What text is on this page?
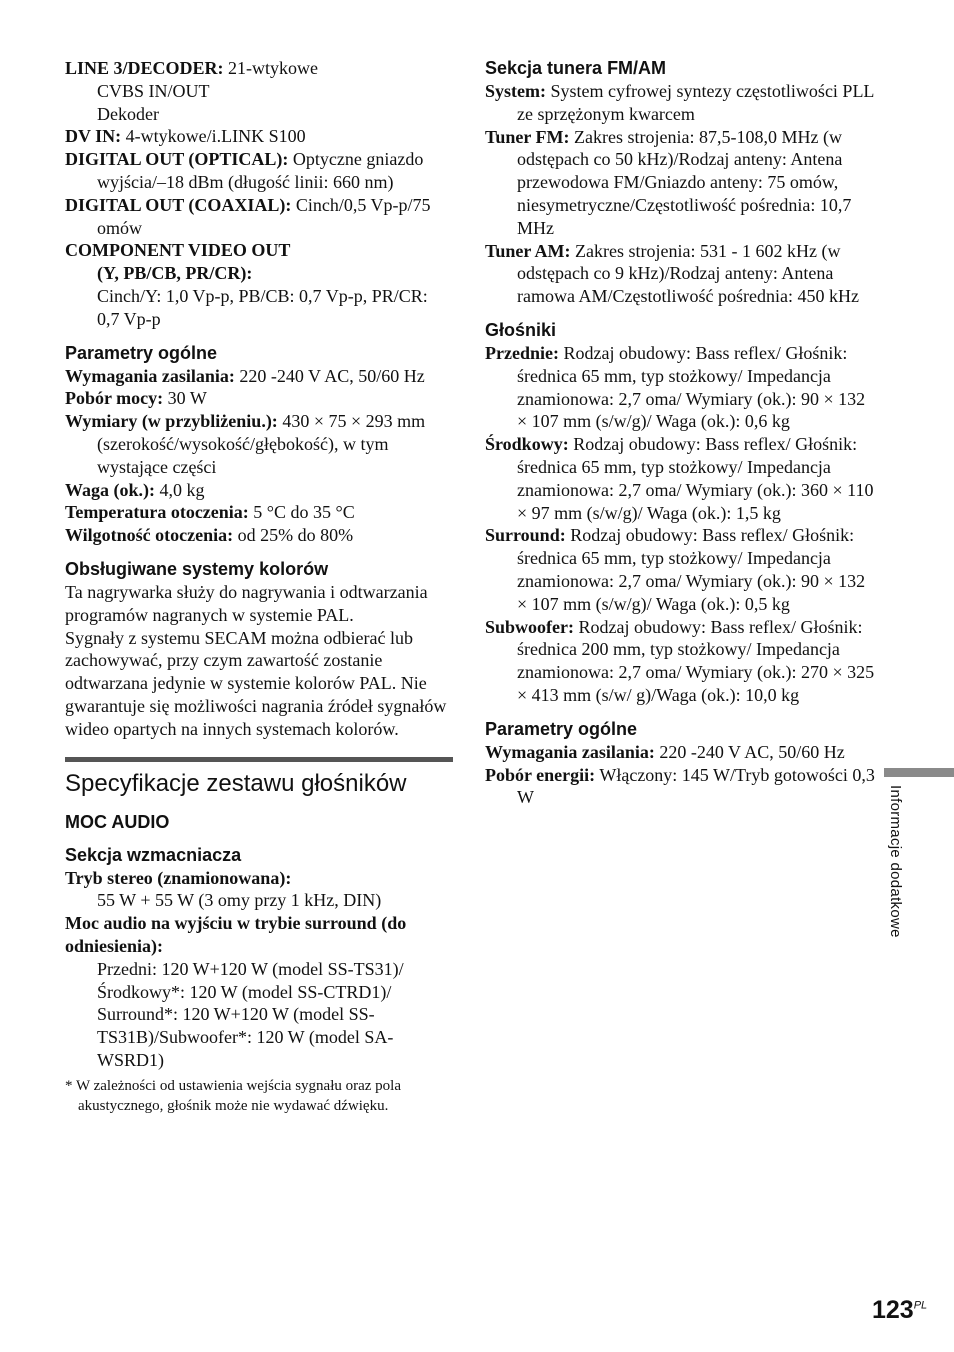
LINE 3/DECODER: 21-wtykowe
CVBS IN/OUT
Dekoder

DV IN: 4-wtykowe/i.LINK S100

DIGITAL OUT (OPTICAL): Optyczne gniazdo wyjścia/–18 dBm (długość linii: 660 nm)

DIGITAL OUT (COAXIAL): Cinch/0,5 Vp-p/75 omów

COMPONENT VIDEO OUT
(Y, PB/CB, PR/CR):
Cinch/Y: 1,0 Vp-p, PB/CB: 0,7 Vp-p, PR/CR: 0,7 Vp-p

Parametry ogólne

Wymagania zasilania: 220 -240 V AC, 50/60 Hz

Pobór mocy: 30 W

Wymiary (w przybliżeniu.): 430 × 75 × 293 mm (szerokość/wysokość/głębokość), w tym wystające części

Waga (ok.): 4,0 kg

Temperatura otoczenia: 5 °C do 35 °C

Wilgotność otoczenia: od 25% do 80%

Obsługiwane systemy kolorów

Ta nagrywarka służy do nagrywania i odtwarzania programów nagranych w systemie PAL.

Sygnały z systemu SECAM można odbierać lub zachowywać, przy czym zawartość zostanie odtwarzana jedynie w systemie kolorów PAL. Nie gwarantuje się możliwości nagrania źródeł sygnałów wideo opartych na innych systemach kolorów.

Specyfikacje zestawu głośników
MOC AUDIO
Sekcja wzmacniacza

Tryb stereo (znamionowana):
55 W + 55 W (3 omy przy 1 kHz, DIN)

Moc audio na wyjściu w trybie surround (do odniesienia):
Przedni: 120 W+120 W (model SS-TS31)/ Środkowy*: 120 W (model SS-CTRD1)/ Surround*: 120 W+120 W (model SS-TS31B)/Subwoofer*: 120 W (model SA-WSRD1)

* W zależności od ustawienia wejścia sygnału oraz pola akustycznego, głośnik może nie wydawać dźwięku.

Sekcja tunera FM/AM

System: System cyfrowej syntezy częstotliwości PLL ze sprzężonym kwarcem

Tuner FM: Zakres strojenia: 87,5-108,0 MHz (w odstępach co 50 kHz)/Rodzaj anteny: Antena przewodowa FM/Gniazdo anteny: 75 omów, niesymetryczne/Częstotliwość pośrednia: 10,7 MHz

Tuner AM: Zakres strojenia: 531 - 1 602 kHz (w odstępach co 9 kHz)/Rodzaj anteny: Antena ramowa AM/Częstotliwość pośrednia: 450 kHz

Głośniki

Przednie: Rodzaj obudowy: Bass reflex/ Głośnik: średnica 65 mm, typ stożkowy/ Impedancja znamionowa: 2,7 oma/ Wymiary (ok.): 90 × 132 × 107 mm (s/w/g)/ Waga (ok.): 0,6 kg

Środkowy: Rodzaj obudowy: Bass reflex/ Głośnik: średnica 65 mm, typ stożkowy/ Impedancja znamionowa: 2,7 oma/ Wymiary (ok.): 360 × 110 × 97 mm (s/w/g)/ Waga (ok.): 1,5 kg

Surround: Rodzaj obudowy: Bass reflex/ Głośnik: średnica 65 mm, typ stożkowy/ Impedancja znamionowa: 2,7 oma/ Wymiary (ok.): 90 × 132 × 107 mm (s/w/g)/ Waga (ok.): 0,5 kg

Subwoofer: Rodzaj obudowy: Bass reflex/ Głośnik: średnica 200 mm, typ stożkowy/ Impedancja znamionowa: 2,7 oma/ Wymiary (ok.): 270 × 325 × 413 mm (s/w/ g)/Waga (ok.): 10,0 kg

Parametry ogólne

Wymagania zasilania: 220 -240 V AC, 50/60 Hz

Pobór energii: Włączony: 145 W/Tryb gotowości 0,3 W	Informacje dodatkowe
$123^{PL}$
